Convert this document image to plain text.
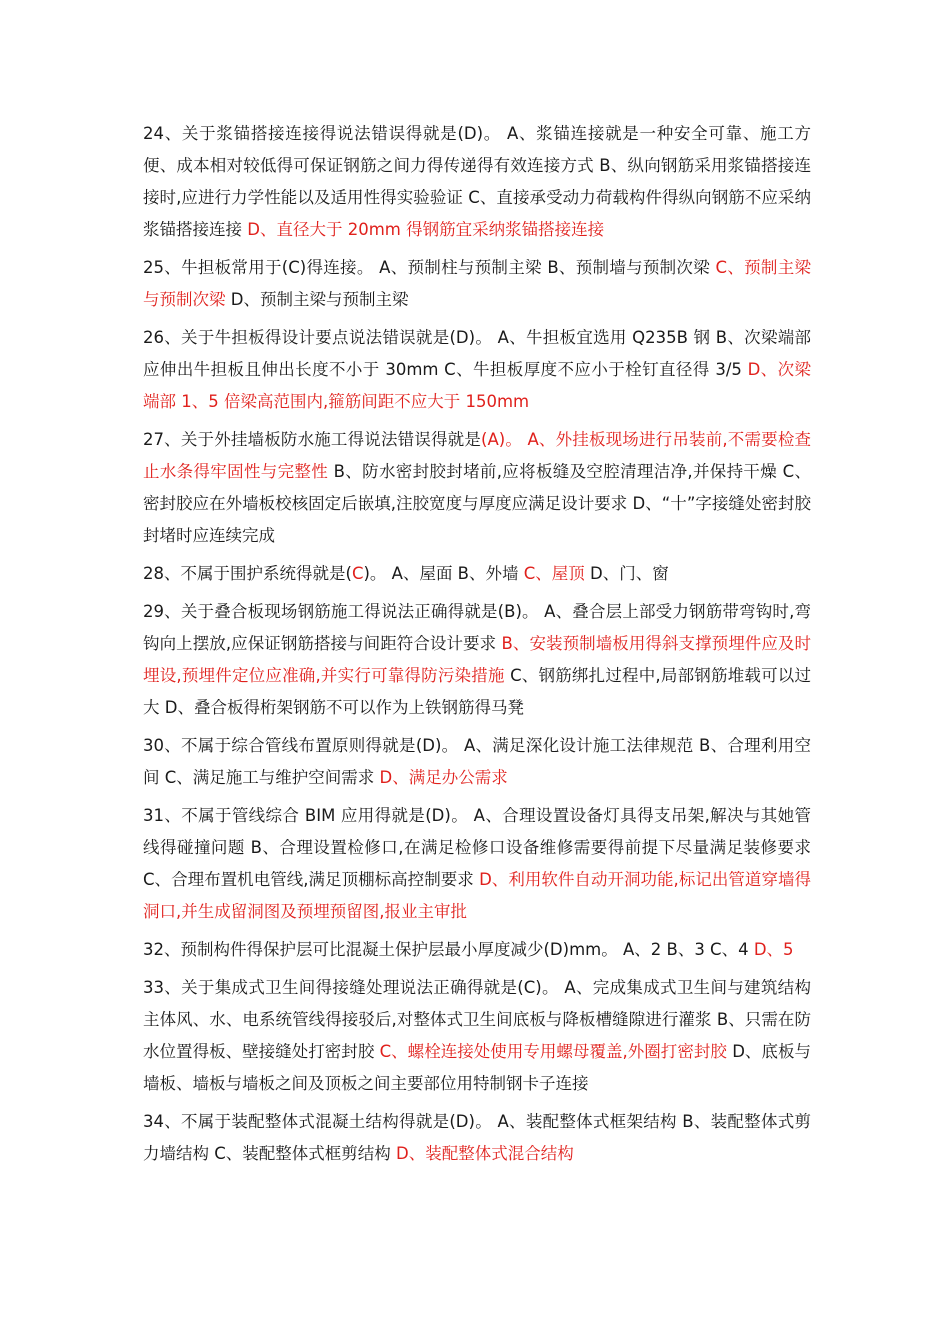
24、关于浆锚搭接连接得说法错误得就是(D)。 A、浆锚连接就是一种安全可靠、施工方便、成本相对较低得可保证钢筋之间力得传递得有效连接方式 B、纵向钢筋采用浆锚搭接连接时,应进行力学性能以及适用性得实验验证 C、直接承受动力荷载构件得纵向钢筋不应采纳浆锚搭接连接 D、直径大于 20mm 得钢筋宜采纳浆锚搭接连接

25、牛担板常用于(C)得连接。 A、预制柱与预制主梁 B、预制墙与预制次梁 C、预制主梁与预制次梁 D、预制主梁与预制主梁

26、关于牛担板得设计要点说法错误就是(D)。 A、牛担板宜选用 Q235B 钢 B、次梁端部应伸出牛担板且伸出长度不小于 30mm C、牛担板厚度不应小于栓钉直径得 3/5 D、次梁端部 1、5 倍梁高范围内,箍筋间距不应大于 150mm

27、关于外挂墙板防水施工得说法错误得就是(A)。 A、外挂板现场进行吊装前,不需要检查止水条得牢固性与完整性 B、防水密封胶封堵前,应将板缝及空腔清理洁净,并保持干燥 C、密封胶应在外墙板校核固定后嵌填,注胶宽度与厚度应满足设计要求 D、“十”字接缝处密封胶封堵时应连续完成

28、不属于围护系统得就是(C)。 A、屋面 B、外墙 C、屋顶 D、门、窗

29、关于叠合板现场钢筋施工得说法正确得就是(B)。 A、叠合层上部受力钢筋带弯钩时,弯钩向上摆放,应保证钢筋搭接与间距符合设计要求 B、安装预制墙板用得斜支撑预埋件应及时埋设,预埋件定位应准确,并实行可靠得防污染措施 C、钢筋绑扎过程中,局部钢筋堆载可以过大 D、叠合板得桁架钢筋不可以作为上铁钢筋得马凳

30、不属于综合管线布置原则得就是(D)。 A、满足深化设计施工法律规范 B、合理利用空间 C、满足施工与维护空间需求 D、满足办公需求

31、不属于管线综合 BIM 应用得就是(D)。 A、合理设置设备灯具得支吊架,解决与其她管线得碰撞问题 B、合理设置检修口,在满足检修口设备维修需要得前提下尽量满足装修要求 C、合理布置机电管线,满足顶棚标高控制要求 D、利用软件自动开洞功能,标记出管道穿墙得洞口,并生成留洞图及预埋预留图,报业主审批

32、预制构件得保护层可比混凝土保护层最小厚度减少(D)mm。 A、2 B、3 C、4 D、5

33、关于集成式卫生间得接缝处理说法正确得就是(C)。 A、完成集成式卫生间与建筑结构主体风、水、电系统管线得接驳后,对整体式卫生间底板与降板槽缝隙进行灌浆 B、只需在防水位置得板、壁接缝处打密封胶 C、螺栓连接处使用专用螺母覆盖,外圈打密封胶 D、底板与墙板、墙板与墙板之间及顶板之间主要部位用特制钢卡子连接

34、不属于装配整体式混凝土结构得就是(D)。 A、装配整体式框架结构 B、装配整体式剪力墙结构 C、装配整体式框剪结构 D、装配整体式混合结构
